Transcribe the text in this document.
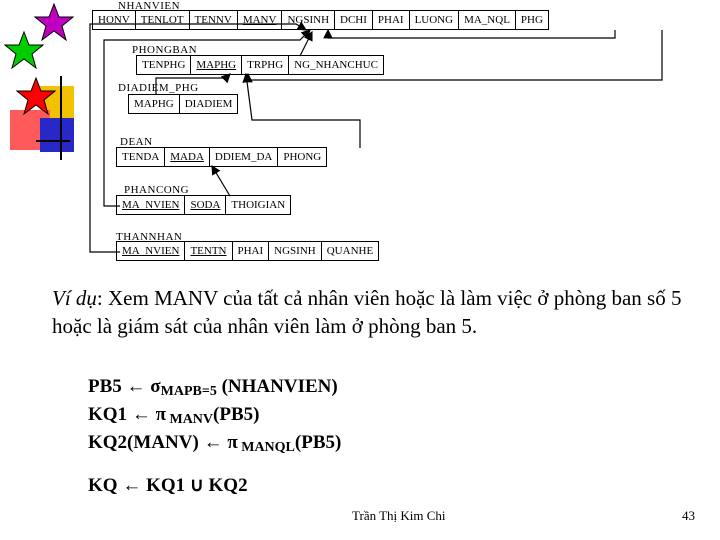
NHANVIEN
HONV	TENLOT	TENNV	MANV	NGSINH	DCHI	PHAI	LUONG	MA_NQL	PHG
PHONGBAN
TENPHG	MAPHG	TRPHG	NG_NHANCHUC
DIADIEM_PHG
MAPHG	DIADIEM
DEAN
TENDA	MADA	DDIEM_DA	PHONG
PHANCONG
MA_NVIEN	SODA	THOIGIAN
THANNHAN
MA_NVIEN	TENTN	PHAI	NGSINH	QUANHE
Ví dụ: Xem MANV của tất cả nhân viên hoặc là làm việc ở phòng ban số 5 hoặc là giám sát của nhân viên làm ở phòng ban 5.
PB5 ← $\sigma_{MAPB=5}$ (NHANVIEN)
KQ1 ← π $_{MANV}$(PB5)
KQ2(MANV) ← π $_{MANQL}$(PB5)
KQ ← KQ1 ∪ KQ2
Trần Thị Kim Chi	43
